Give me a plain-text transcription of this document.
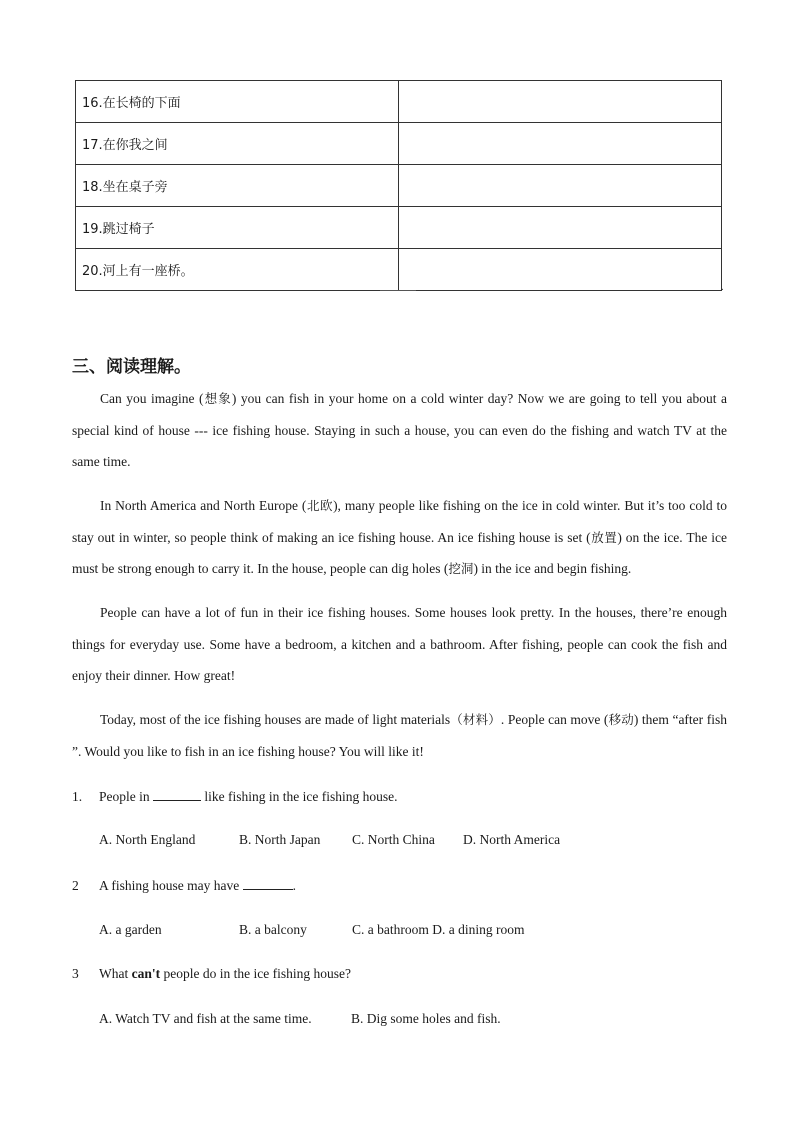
16.在长椅的下面	
17.在你我之间	
18.坐在桌子旁	
19.跳过椅子	
20.河上有一座桥。	
.
三、阅读理解。
Can you imagine (想象) you can fish in your home on a cold winter day? Now we are going to tell you about a special kind of house --- ice fishing house. Staying in such a house, you can even do the fishing and watch TV at the same time.
In North America and North Europe (北欧), many people like fishing on the ice in cold winter. But it’s too cold to stay out in winter, so people think of making an ice fishing house. An ice fishing house is set (放置) on the ice. The ice must be strong enough to carry it. In the house, people can dig holes (挖洞) in the ice and begin fishing.
People can have a lot of fun in their ice fishing houses. Some houses look pretty. In the houses, there’re enough things for everyday use. Some have a bedroom, a kitchen and a bathroom. After fishing, people can cook the fish and enjoy their dinner. How great!
Today, most of the ice fishing houses are made of light materials（材料）. People can move (移动) them “after fish ”. Would you like to fish in an ice fishing house? You will like it!
1. People in	like fishing in the ice fishing house.
A. North England	B. North Japan C. North China D. North America
2 A fishing house may have	.
A. a garden	B. a balcony	C. a bathroom D. a dining room
3 What can't people do in the ice fishing house?
A. Watch TV and fish at the same time.	B. Dig some holes and fish.
